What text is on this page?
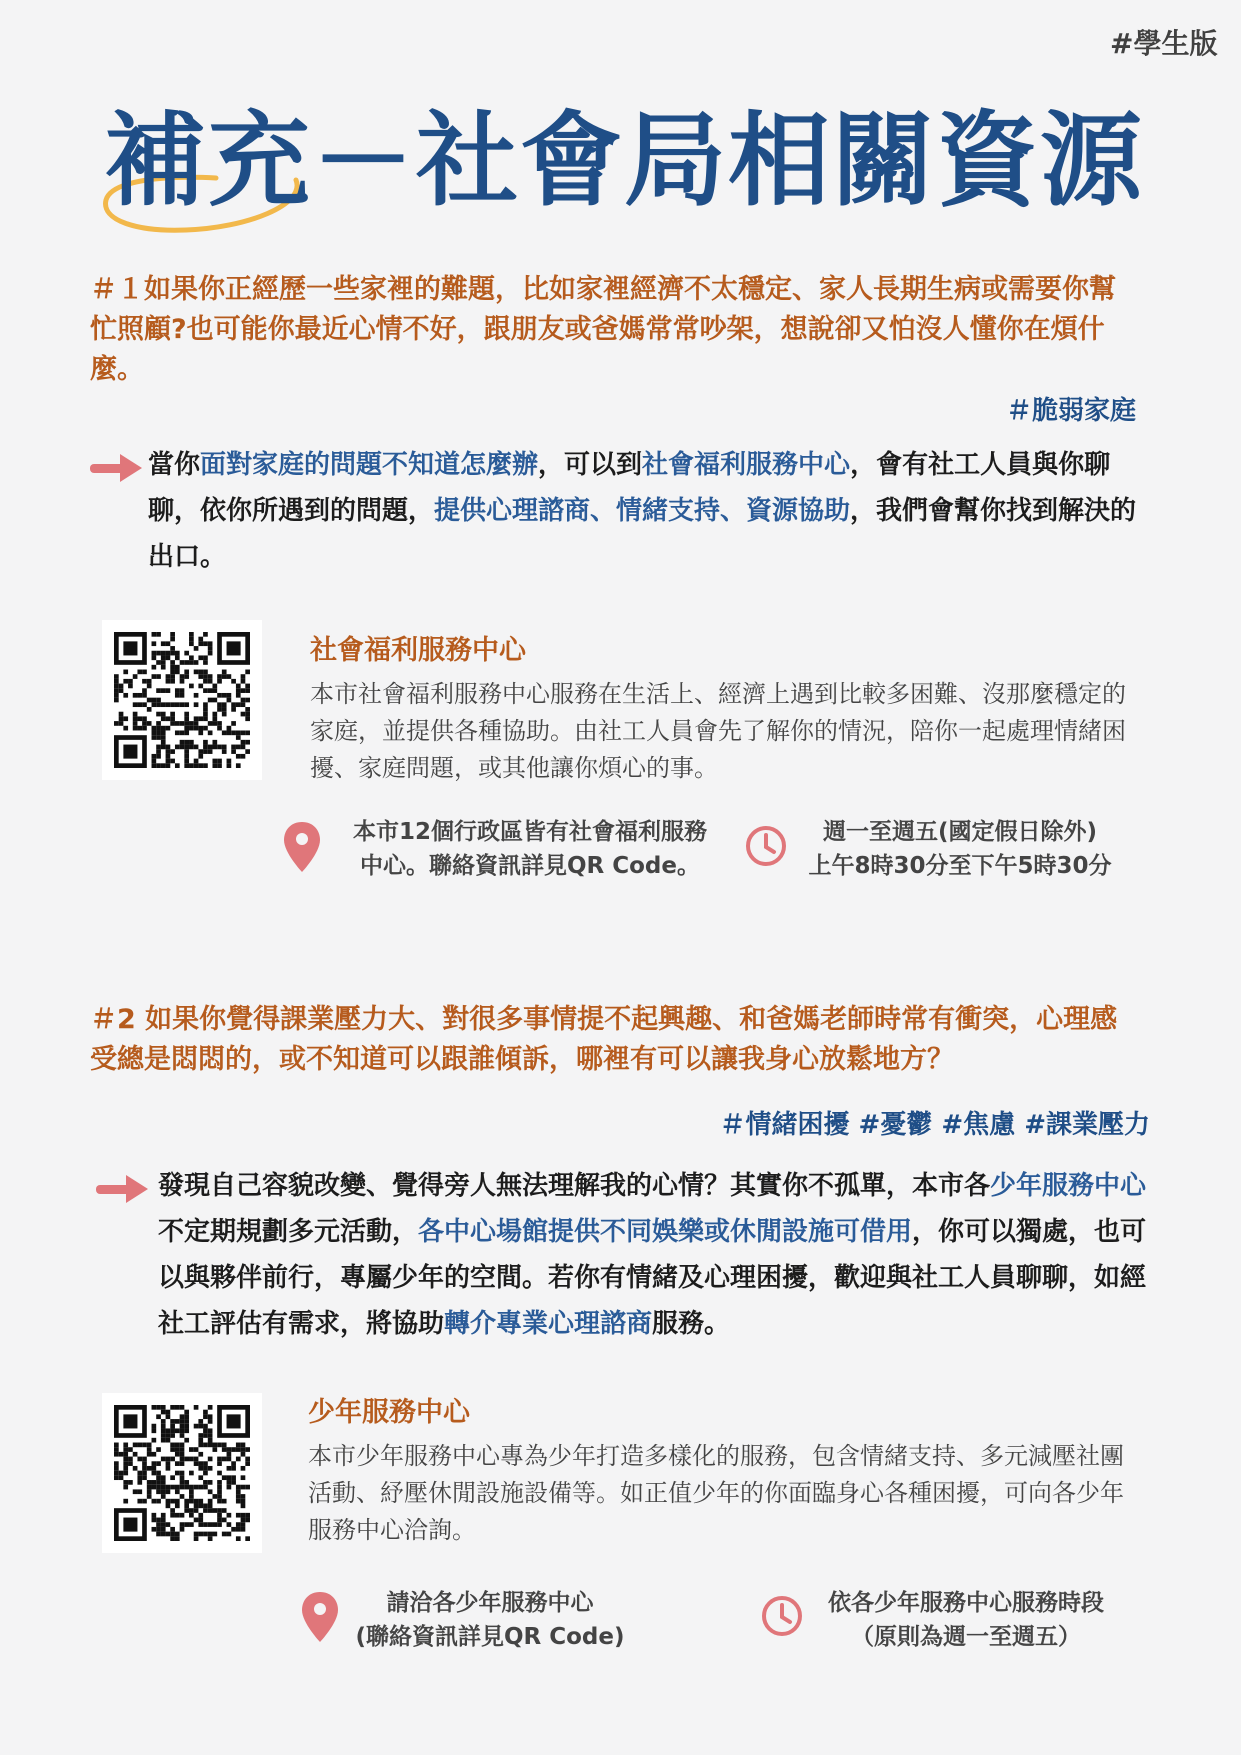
#學生版
補充－社會局相關資源
＃１如果你正經歷一些家裡的難題，比如家裡經濟不太穩定、家人長期生病或需要你幫忙照顧?也可能你最近心情不好，跟朋友或爸媽常常吵架，想說卻又怕沒人懂你在煩什麼。
＃脆弱家庭
當你面對家庭的問題不知道怎麼辦，可以到社會福利服務中心，會有社工人員與你聊聊，依你所遇到的問題，提供心理諮商、情緒支持、資源協助，我們會幫你找到解決的出口。
社會福利服務中心
本市社會福利服務中心服務在生活上、經濟上遇到比較多困難、沒那麼穩定的家庭，並提供各種協助。由社工人員會先了解你的情況，陪你一起處理情緒困擾、家庭問題，或其他讓你煩心的事。
本市12個行政區皆有社會福利服務
中心。聯絡資訊詳見QR Code。
週一至週五(國定假日除外)
上午8時30分至下午5時30分
＃2 如果你覺得課業壓力大、對很多事情提不起興趣、和爸媽老師時常有衝突，心理感受總是悶悶的，或不知道可以跟誰傾訴，哪裡有可以讓我身心放鬆地方？
＃情緒困擾 #憂鬱 #焦慮 #課業壓力
發現自己容貌改變、覺得旁人無法理解我的心情？其實你不孤單，本市各少年服務中心不定期規劃多元活動，各中心場館提供不同娛樂或休閒設施可借用，你可以獨處，也可以與夥伴前行，專屬少年的空間。若你有情緒及心理困擾，歡迎與社工人員聊聊，如經社工評估有需求，將協助轉介專業心理諮商服務。
少年服務中心
本市少年服務中心專為少年打造多樣化的服務，包含情緒支持、多元減壓社團活動、紓壓休閒設施設備等。如正值少年的你面臨身心各種困擾，可向各少年服務中心洽詢。
請洽各少年服務中心
(聯絡資訊詳見QR Code)
依各少年服務中心服務時段
（原則為週一至週五）
